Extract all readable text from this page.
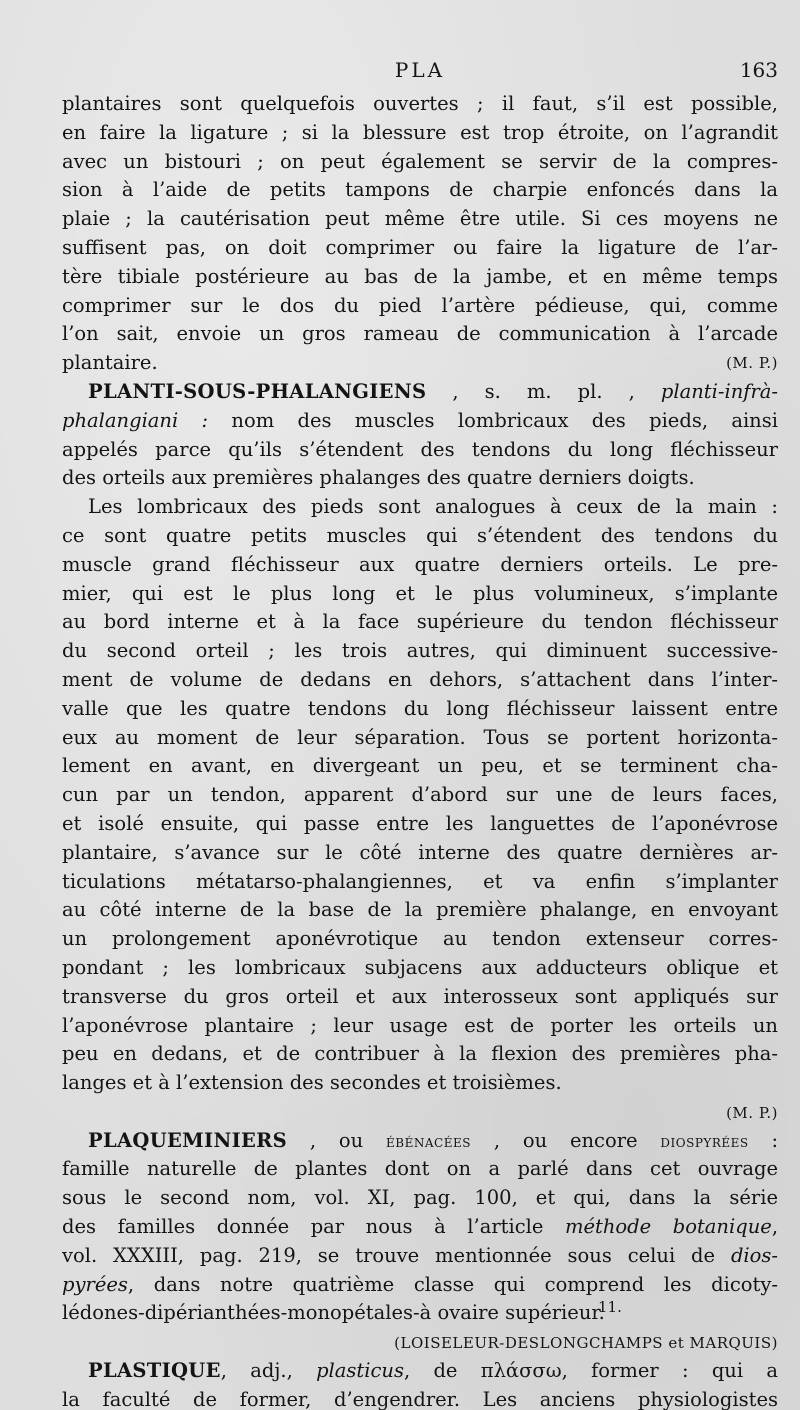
PLA	163
plantaires sont quelquefois ouvertes ; il faut, s’il est possible,
en faire la ligature ; si la blessure est trop étroite, on l’agrandit
avec un bistouri ; on peut également se servir de la compres-
sion à l’aide de petits tampons de charpie enfoncés dans la
plaie ; la cautérisation peut même être utile. Si ces moyens ne
suffisent pas, on doit comprimer ou faire la ligature de l’ar-
tère tibiale postérieure au bas de la jambe, et en même temps
comprimer sur le dos du pied l’artère pédieuse, qui, comme
l’on sait, envoie un gros rameau de communication à l’arcade
plantaire.	(M. P.)
PLANTI-SOUS-PHALANGIENS , s. m. pl. , planti-infrà-
phalangiani : nom des muscles lombricaux des pieds, ainsi
appelés parce qu’ils s’étendent des tendons du long fléchisseur
des orteils aux premières phalanges des quatre derniers doigts.
Les lombricaux des pieds sont analogues à ceux de la main :
ce sont quatre petits muscles qui s’étendent des tendons du
muscle grand fléchisseur aux quatre derniers orteils. Le pre-
mier, qui est le plus long et le plus volumineux, s’implante
au bord interne et à la face supérieure du tendon fléchisseur
du second orteil ; les trois autres, qui diminuent successive-
ment de volume de dedans en dehors, s’attachent dans l’inter-
valle que les quatre tendons du long fléchisseur laissent entre
eux au moment de leur séparation. Tous se portent horizonta-
lement en avant, en divergeant un peu, et se terminent cha-
cun par un tendon, apparent d’abord sur une de leurs faces,
et isolé ensuite, qui passe entre les languettes de l’aponévrose
plantaire, s’avance sur le côté interne des quatre dernières ar-
ticulations métatarso-phalangiennes, et va enfin s’implanter
au côté interne de la base de la première phalange, en envoyant
un prolongement aponévrotique au tendon extenseur corres-
pondant ; les lombricaux subjacens aux adducteurs oblique et
transverse du gros orteil et aux interosseux sont appliqués sur
l’aponévrose plantaire ; leur usage est de porter les orteils un
peu en dedans, et de contribuer à la flexion des premières pha-
langes et à l’extension des secondes et troisièmes.
(M. P.)
PLAQUEMINIERS , ou ébénacées , ou encore diospyrées :
famille naturelle de plantes dont on a parlé dans cet ouvrage
sous le second nom, vol. XI, pag. 100, et qui, dans la série
des familles donnée par nous à l’article méthode botanique,
vol. XXXIII, pag. 219, se trouve mentionnée sous celui de dios-
pyrées, dans notre quatrième classe qui comprend les dicoty-
lédones-dipérianthées-monopétales-à ovaire supérieur.
(LOISELEUR-DESLONGCHAMPS et MARQUIS)
PLASTIQUE, adj., plasticus, de πλάσσω, former : qui a
la faculté de former, d’engendrer. Les anciens physiologistes
11.
